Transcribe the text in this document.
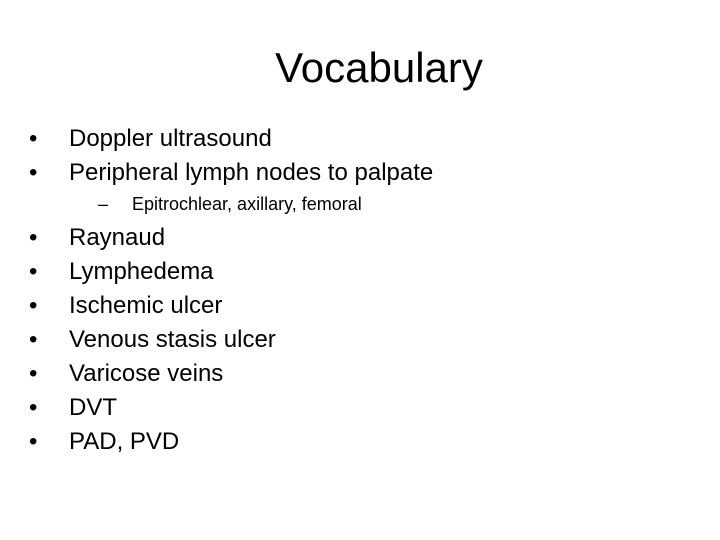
Vocabulary
•	Doppler ultrasound
•	Peripheral lymph nodes to palpate
– Epitrochlear, axillary, femoral
•	Raynaud
•	Lymphedema
•	Ischemic ulcer
•	Venous stasis ulcer
•	Varicose veins
•	DVT
•	PAD, PVD
